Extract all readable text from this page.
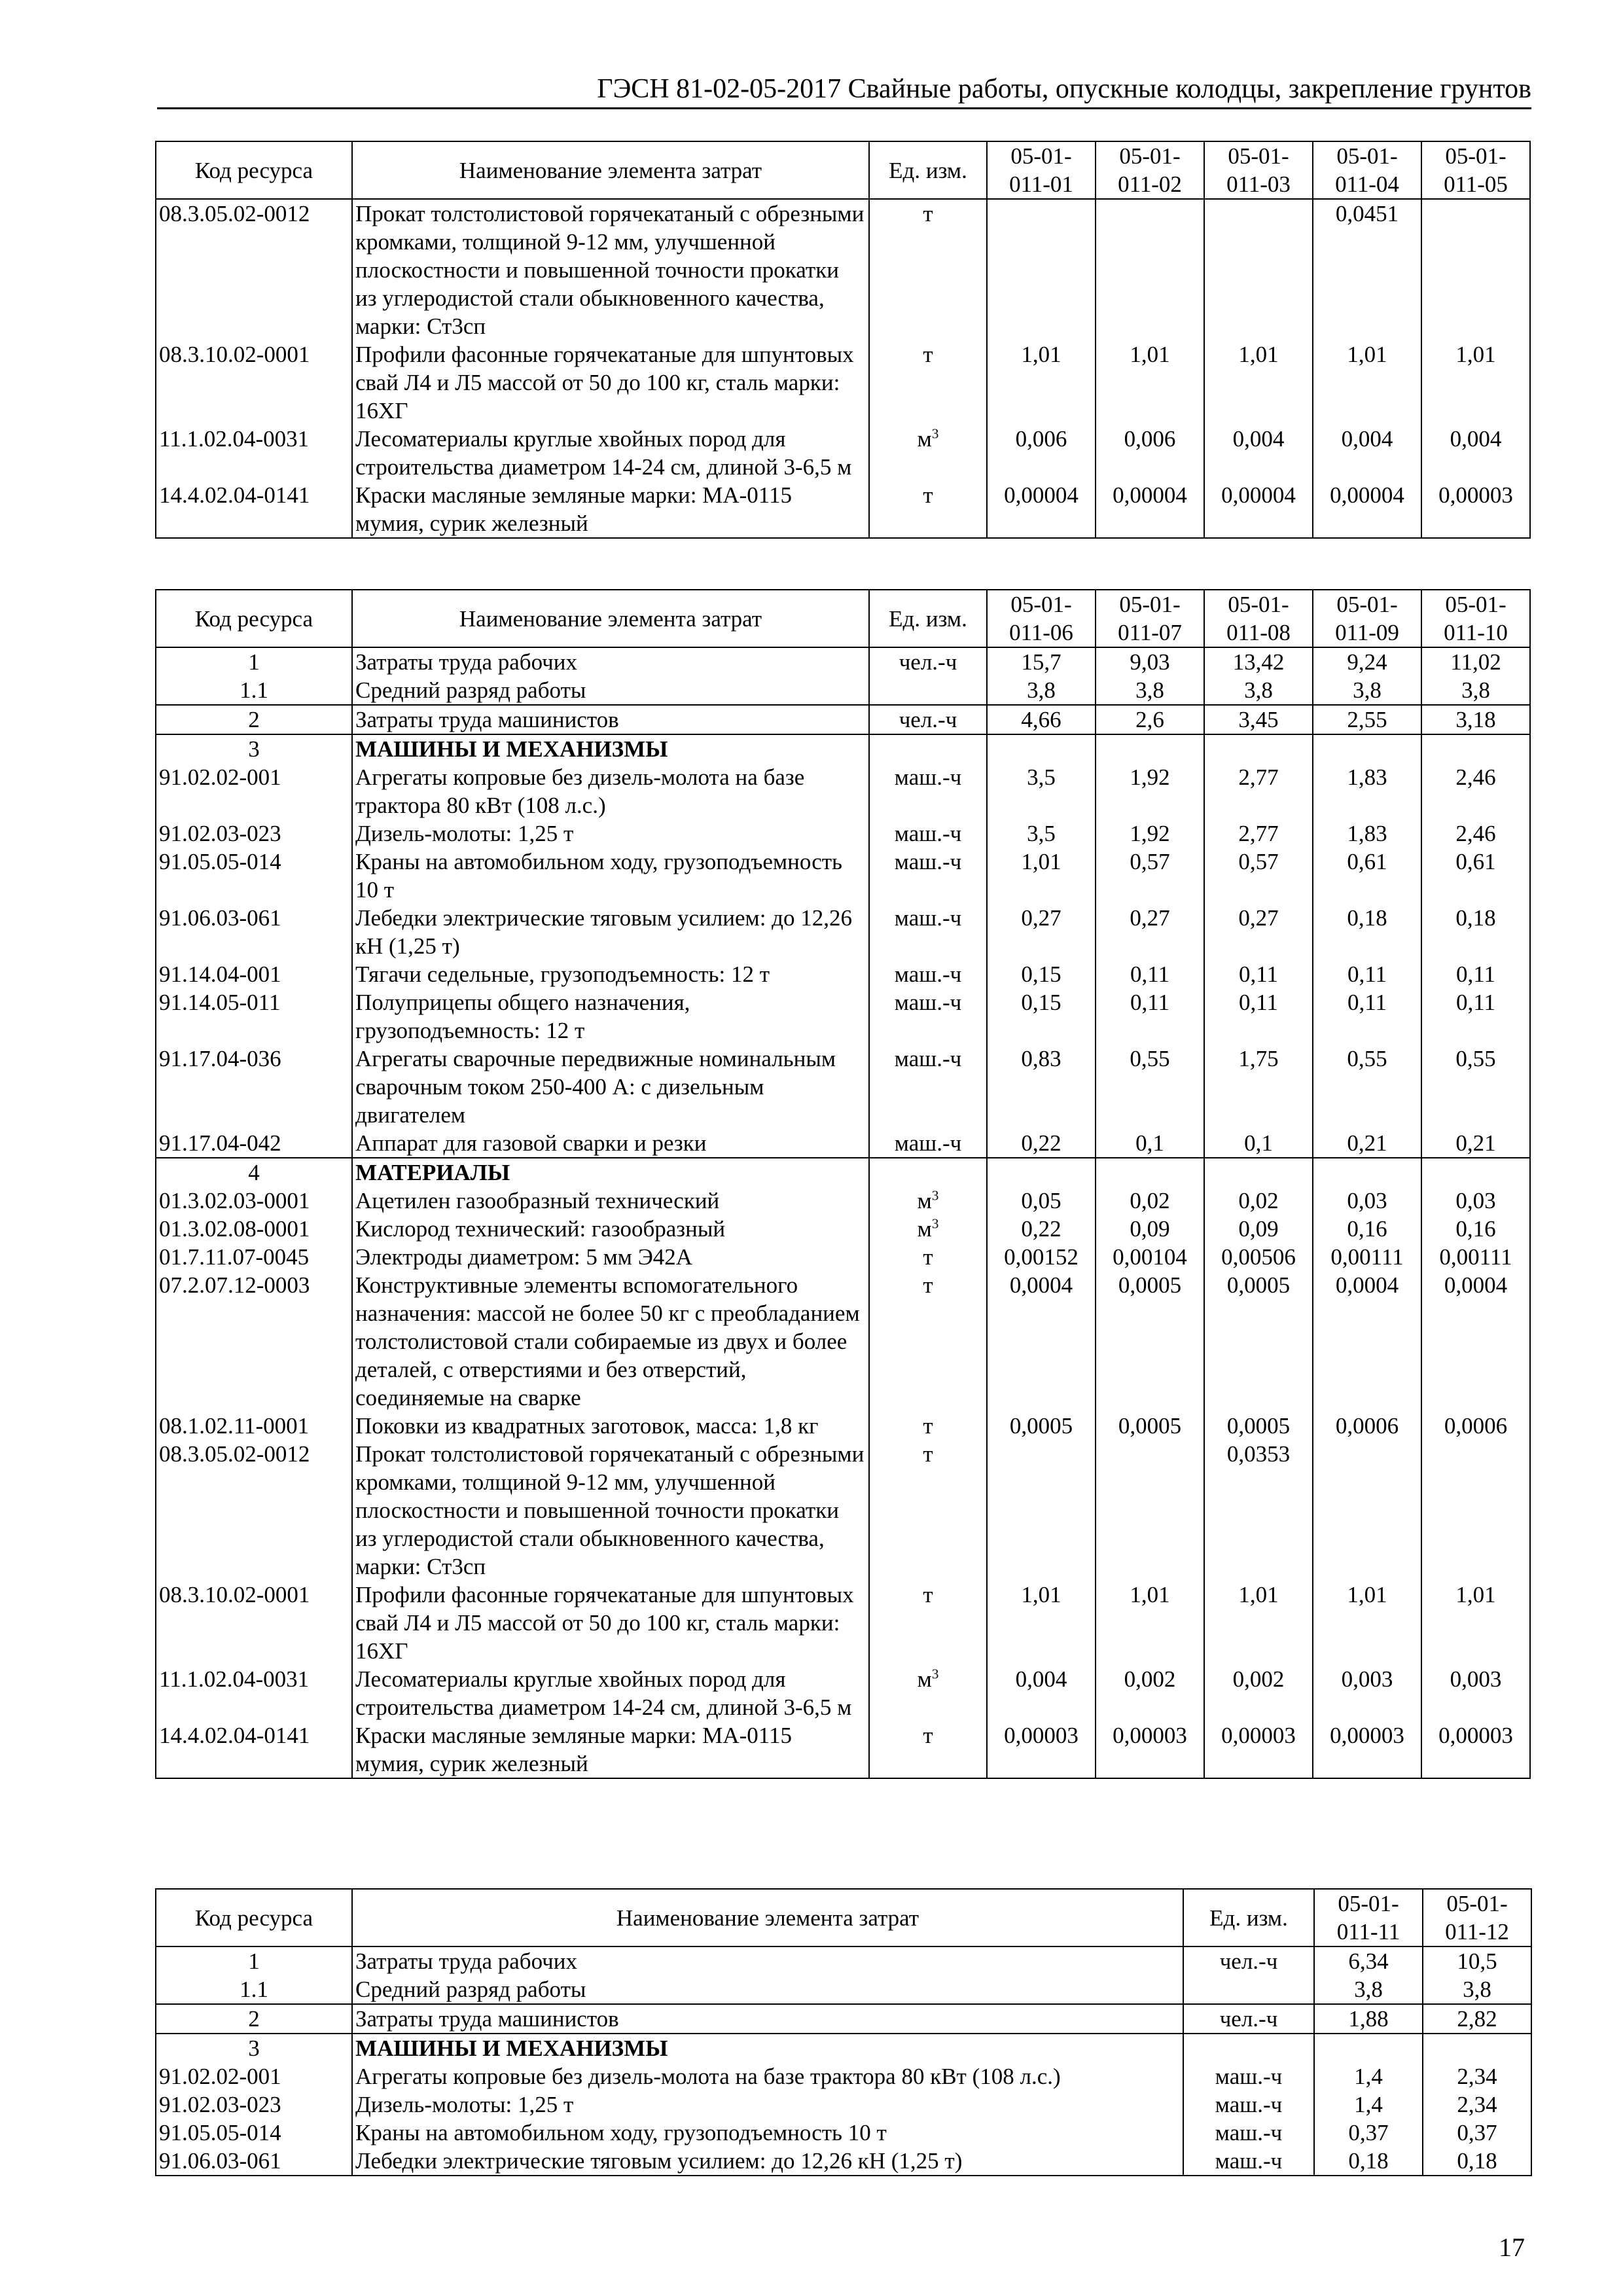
ГЭСН 81-02-05-2017 Свайные работы, опускные колодцы, закрепление грунтов
Код ресурса	Наименование элемента затрат	Ед. изм.	05-01-011-01	05-01-011-02	05-01-011-03	05-01-011-04	05-01-011-05
08.3.05.02-0012	Прокат толстолистовой горячекатаный с обрезными кромками, толщиной 9-12 мм, улучшенной плоскостности и повышенной точности прокатки из углеродистой стали обыкновенного качества, марки: Ст3сп	т				0,0451	
08.3.10.02-0001	Профили фасонные горячекатаные для шпунтовых свай Л4 и Л5 массой от 50 до 100 кг, сталь марки: 16ХГ	т	1,01	1,01	1,01	1,01	1,01
11.1.02.04-0031	Лесоматериалы круглые хвойных пород для строительства диаметром 14-24 см, длиной 3-6,5 м	$м^3$	0,006	0,006	0,004	0,004	0,004
14.4.02.04-0141	Краски масляные земляные марки: МА-0115 мумия, сурик железный	т	0,00004	0,00004	0,00004	0,00004	0,00003
Код ресурса	Наименование элемента затрат	Ед. изм.	05-01-011-06	05-01-011-07	05-01-011-08	05-01-011-09	05-01-011-10
1	Затраты труда рабочих	чел.-ч	15,7	9,03	13,42	9,24	11,02
1.1	Средний разряд работы		3,8	3,8	3,8	3,8	3,8
2	Затраты труда машинистов	чел.-ч	4,66	2,6	3,45	2,55	3,18
3	МАШИНЫ И МЕХАНИЗМЫ						
91.02.02-001	Агрегаты копровые без дизель-молота на базе трактора 80 кВт (108 л.с.)	маш.-ч	3,5	1,92	2,77	1,83	2,46
91.02.03-023	Дизель-молоты: 1,25 т	маш.-ч	3,5	1,92	2,77	1,83	2,46
91.05.05-014	Краны на автомобильном ходу, грузоподъемность 10 т	маш.-ч	1,01	0,57	0,57	0,61	0,61
91.06.03-061	Лебедки электрические тяговым усилием: до 12,26 кН (1,25 т)	маш.-ч	0,27	0,27	0,27	0,18	0,18
91.14.04-001	Тягачи седельные, грузоподъемность: 12 т	маш.-ч	0,15	0,11	0,11	0,11	0,11
91.14.05-011	Полуприцепы общего назначения, грузоподъемность: 12 т	маш.-ч	0,15	0,11	0,11	0,11	0,11
91.17.04-036	Агрегаты сварочные передвижные номинальным сварочным током 250-400 А: с дизельным двигателем	маш.-ч	0,83	0,55	1,75	0,55	0,55
91.17.04-042	Аппарат для газовой сварки и резки	маш.-ч	0,22	0,1	0,1	0,21	0,21
4	МАТЕРИАЛЫ						
01.3.02.03-0001	Ацетилен газообразный технический	$м^3$	0,05	0,02	0,02	0,03	0,03
01.3.02.08-0001	Кислород технический: газообразный	$м^3$	0,22	0,09	0,09	0,16	0,16
01.7.11.07-0045	Электроды диаметром: 5 мм Э42А	т	0,00152	0,00104	0,00506	0,00111	0,00111
07.2.07.12-0003	Конструктивные элементы вспомогательного назначения: массой не более 50 кг с преобладанием толстолистовой стали собираемые из двух и более деталей, с отверстиями и без отверстий, соединяемые на сварке	т	0,0004	0,0005	0,0005	0,0004	0,0004
08.1.02.11-0001	Поковки из квадратных заготовок, масса: 1,8 кг	т	0,0005	0,0005	0,0005	0,0006	0,0006
08.3.05.02-0012	Прокат толстолистовой горячекатаный с обрезными кромками, толщиной 9-12 мм, улучшенной плоскостности и повышенной точности прокатки из углеродистой стали обыкновенного качества, марки: Ст3сп	т			0,0353		
08.3.10.02-0001	Профили фасонные горячекатаные для шпунтовых свай Л4 и Л5 массой от 50 до 100 кг, сталь марки: 16ХГ	т	1,01	1,01	1,01	1,01	1,01
11.1.02.04-0031	Лесоматериалы круглые хвойных пород для строительства диаметром 14-24 см, длиной 3-6,5 м	$м^3$	0,004	0,002	0,002	0,003	0,003
14.4.02.04-0141	Краски масляные земляные марки: МА-0115 мумия, сурик железный	т	0,00003	0,00003	0,00003	0,00003	0,00003
Код ресурса	Наименование элемента затрат	Ед. изм.	05-01-011-11	05-01-011-12
1	Затраты труда рабочих	чел.-ч	6,34	10,5
1.1	Средний разряд работы		3,8	3,8
2	Затраты труда машинистов	чел.-ч	1,88	2,82
3	МАШИНЫ И МЕХАНИЗМЫ			
91.02.02-001	Агрегаты копровые без дизель-молота на базе трактора 80 кВт (108 л.с.)	маш.-ч	1,4	2,34
91.02.03-023	Дизель-молоты: 1,25 т	маш.-ч	1,4	2,34
91.05.05-014	Краны на автомобильном ходу, грузоподъемность 10 т	маш.-ч	0,37	0,37
91.06.03-061	Лебедки электрические тяговым усилием: до 12,26 кН (1,25 т)	маш.-ч	0,18	0,18
17
